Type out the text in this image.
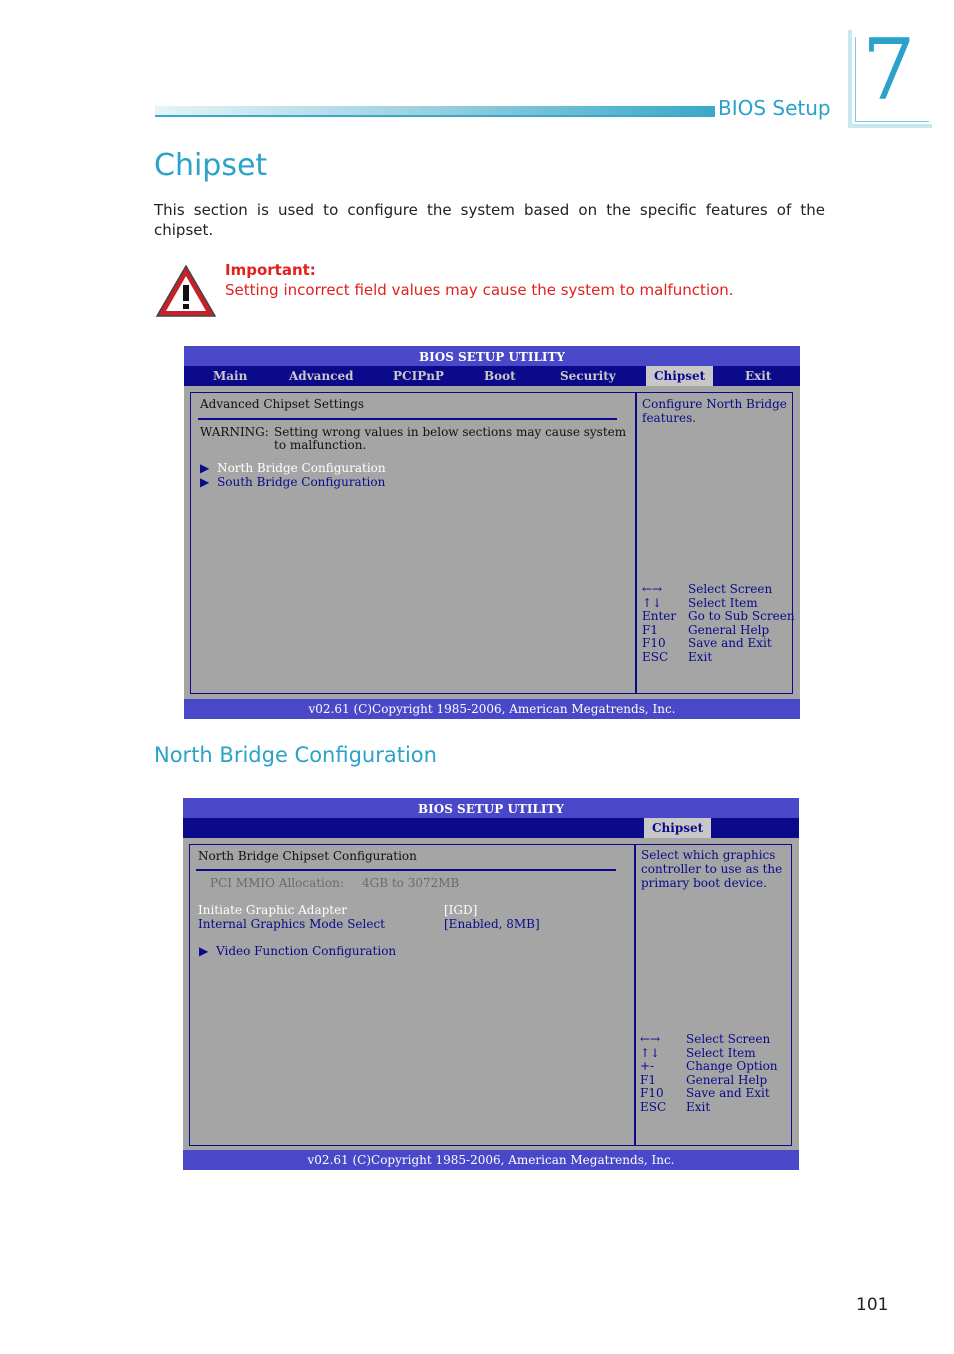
BIOS Setup 7
Chipset
This section is used to configure the system based on the specific features of the chipset.
Important:
Setting incorrect field values may cause the system to malfunction.
BIOS SETUP UTILITY
Main	Advanced	PCIPnP	Boot	Security	Chipset	Exit
Advanced Chipset Settings
WARNING: Setting wrong values in below sections may cause system
to malfunction.
▶ North Bridge Configuration
▶ South Bridge Configuration
Configure North Bridge
features.
←→ Select Screen
↑↓ Select Item
Enter Go to Sub Screen
F1	General Help
F10 Save and Exit
ESC Exit
v02.61 (C)Copyright 1985-2006, American Megatrends, Inc.
North Bridge Configuration
BIOS SETUP UTILITY
Chipset
North Bridge Chipset Configuration
PCI MMIO Allocation: 4GB to 3072MB
Initiate Graphic Adapter	[IGD]
Internal Graphics Mode Select	[Enabled, 8MB]
▶ Video Function Configuration
Select which graphics
controller to use as the
primary boot device.
←→ Select Screen
↑↓ Select Item
+-	Change Option
F1	General Help
F10 Save and Exit
ESC Exit
v02.61 (C)Copyright 1985-2006, American Megatrends, Inc.
101
